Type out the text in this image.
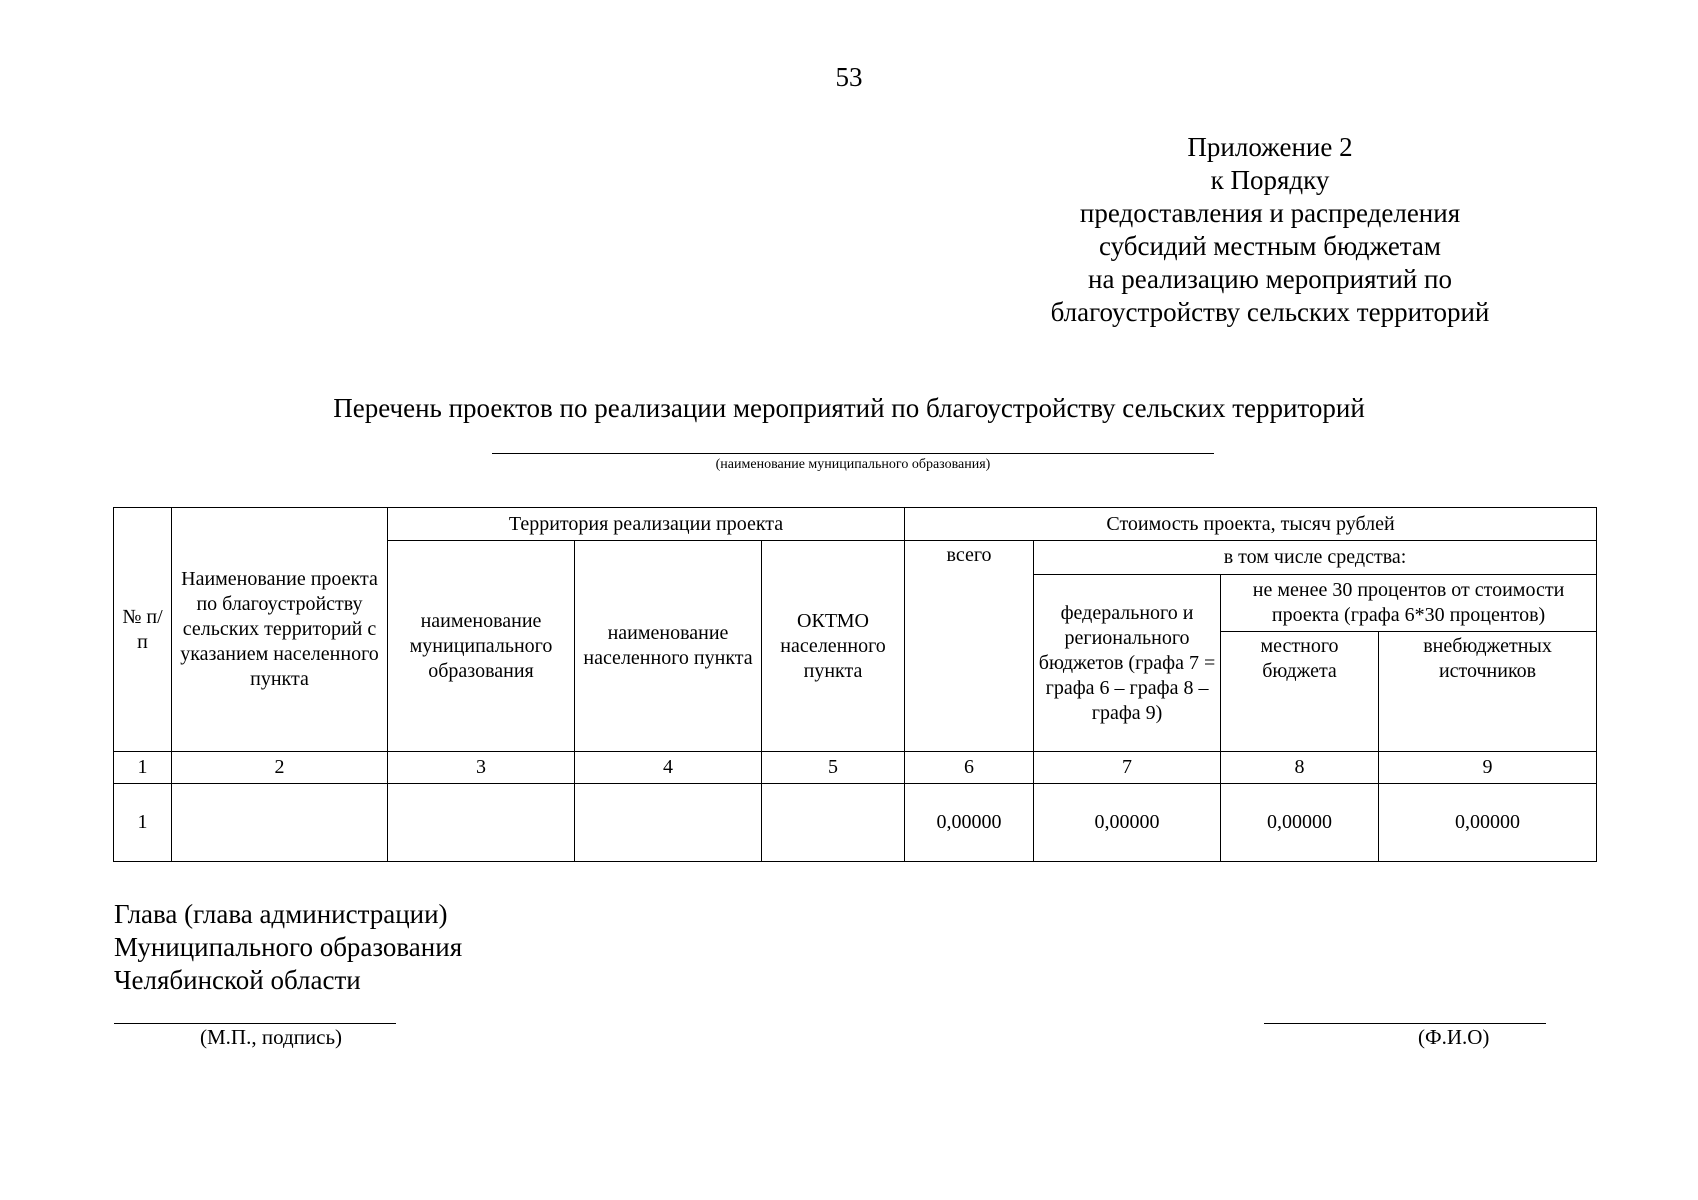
53
Приложение 2
к Порядку
предоставления и распределения
субсидий местным бюджетам
на реализацию мероприятий по
благоустройству сельских территорий
Перечень проектов по реализации мероприятий по благоустройству сельских территорий
(наименование муниципального образования)
№ п/п	Наименование проекта по благоустройству сельских территорий с указанием населенного пункта	Территория реализации проекта			Стоимость проекта, тысяч рублей			
		наименование муниципального образования	наименование населенного пункта	ОКТМО населенного пункта	всего	в том числе средства:		
						федерального и регионального бюджетов (графа 7 = графа 6 – графа 8 – графа 9)	не менее 30 процентов от стоимости проекта (графа 6*30 процентов)	
							местного бюджета	внебюджетных источников
1	2	3	4	5	6	7	8	9
1					0,00000	0,00000	0,00000	0,00000
Глава (глава администрации)
Муниципального образования
Челябинской области
(М.П., подпись)	(Ф.И.О)
